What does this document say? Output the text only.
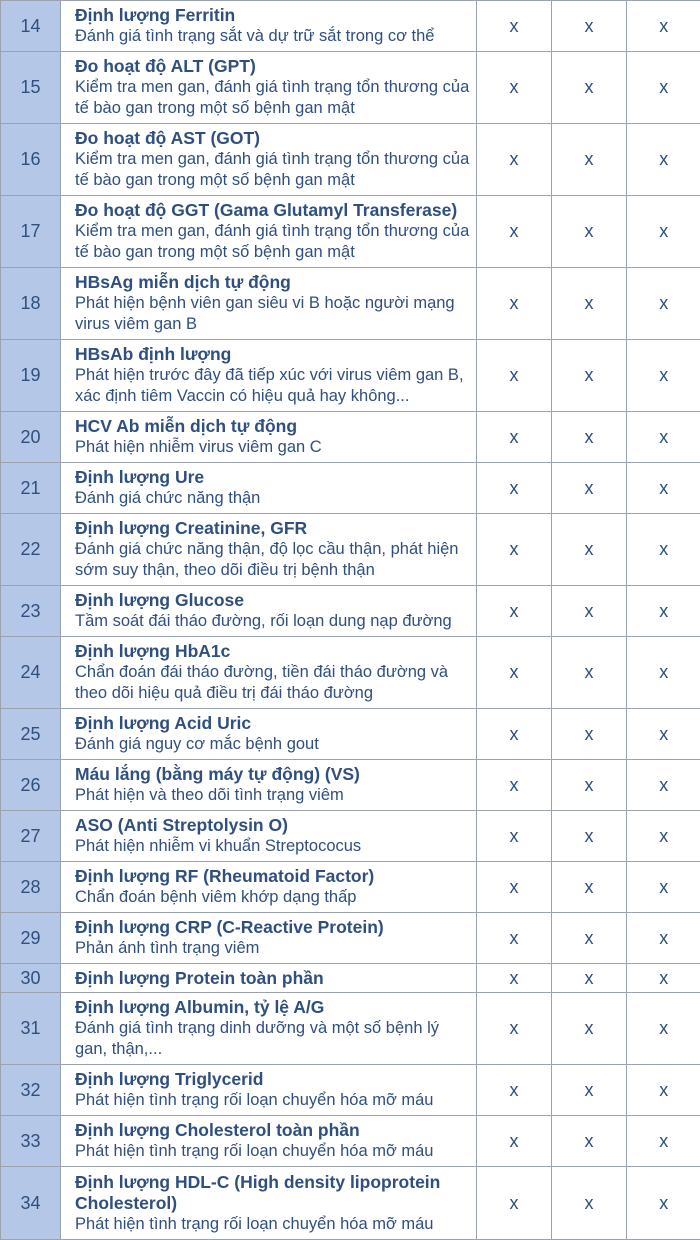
14	Định lượng Ferritin
Đánh giá tình trạng sắt và dự trữ sắt trong cơ thể	x	x	x
15	Đo hoạt độ ALT (GPT)
Kiểm tra men gan, đánh giá tình trạng tổn thương của tế bào gan trong một số bệnh gan mật	x	x	x
16	Đo hoạt độ AST (GOT)
Kiểm tra men gan, đánh giá tình trạng tổn thương của tế bào gan trong một số bệnh gan mật	x	x	x
17	Đo hoạt độ GGT (Gama Glutamyl Transferase)
Kiểm tra men gan, đánh giá tình trạng tổn thương của tế bào gan trong một số bệnh gan mật	x	x	x
18	HBsAg miễn dịch tự động
Phát hiện bệnh viên gan siêu vi B hoặc người mạng virus viêm gan B	x	x	x
19	HBsAb định lượng
Phát hiện trước đây đã tiếp xúc với virus viêm gan B, xác định tiêm Vaccin có hiệu quả hay không...	x	x	x
20	HCV Ab miễn dịch tự động
Phát hiện nhiễm virus viêm gan C	x	x	x
21	Định lượng Ure
Đánh giá chức năng thận	x	x	x
22	Định lượng Creatinine, GFR
Đánh giá chức năng thận, độ lọc cầu thận, phát hiện sớm suy thận, theo dõi điều trị bệnh thận	x	x	x
23	Định lượng Glucose
Tầm soát đái tháo đường, rối loạn dung nạp đường	x	x	x
24	Định lượng HbA1c
Chẩn đoán đái tháo đường, tiền đái tháo đường và theo dõi hiệu quả điều trị đái tháo đường	x	x	x
25	Định lượng Acid Uric
Đánh giá nguy cơ mắc bệnh gout	x	x	x
26	Máu lắng (bằng máy tự động) (VS)
Phát hiện và theo dõi tình trạng viêm	x	x	x
27	ASO (Anti Streptolysin O)
Phát hiện nhiễm vi khuẩn Streptococus	x	x	x
28	Định lượng RF (Rheumatoid Factor)
Chẩn đoán bệnh viêm khớp dạng thấp	x	x	x
29	Định lượng CRP (C-Reactive Protein)
Phản ánh tình trạng viêm	x	x	x
30	Định lượng Protein toàn phần	x	x	x
31	Định lượng Albumin, tỷ lệ A/G
Đánh giá tình trạng dinh dưỡng và một số bệnh lý gan, thận,...	x	x	x
32	Định lượng Triglycerid
Phát hiện tình trạng rối loạn chuyển hóa mỡ máu	x	x	x
33	Định lượng Cholesterol toàn phần
Phát hiện tình trạng rối loạn chuyển hóa mỡ máu	x	x	x
34	Định lượng HDL-C (High density lipoprotein Cholesterol)
Phát hiện tình trạng rối loạn chuyển hóa mỡ máu	x	x	x
